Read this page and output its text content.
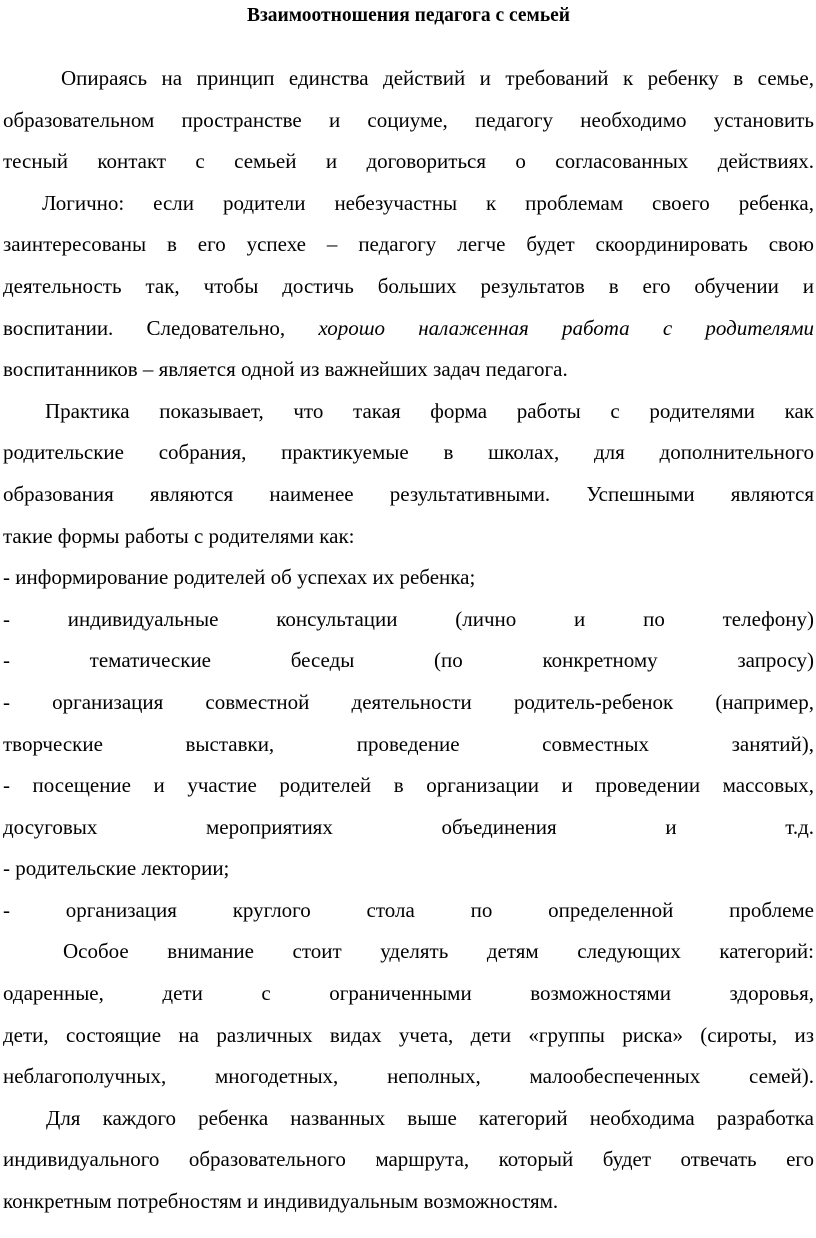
Взаимоотношения педагога с семьей
Опираясь на принцип единства действий и требований к ребенку в семье,
образовательном пространстве и социуме, педагогу необходимо установить
тесный контакт с семьей и договориться о согласованных действиях.
Логично: если родители небезучастны к проблемам своего ребенка,
заинтересованы в его успехе – педагогу легче будет скоординировать свою
деятельность так, чтобы достичь больших результатов в его обучении и
воспитании. Следовательно, хорошо налаженная работа с родителями
воспитанников – является одной из важнейших задач педагога.
Практика показывает, что такая форма работы с родителями как
родительские собрания, практикуемые в школах, для дополнительного
образования являются наименее результативными. Успешными являются
такие формы работы с родителями как:
- информирование родителей об успехах их ребенка;
- индивидуальные консультации (лично и по телефону)
- тематические беседы (по конкретному запросу)
- организация совместной деятельности родитель-ребенок (например,
творческие выставки, проведение совместных занятий),
- посещение и участие родителей в организации и проведении массовых,
досуговых мероприятиях объединения и т.д.
- родительские лектории;
- организация круглого стола по определенной проблеме
Особое внимание стоит уделять детям следующих категорий:
одаренные, дети с ограниченными возможностями здоровья,
дети, состоящие на различных видах учета, дети «группы риска» (сироты, из
неблагополучных, многодетных, неполных, малообеспеченных семей).
Для каждого ребенка названных выше категорий необходима разработка
индивидуального образовательного маршрута, который будет отвечать его
конкретным потребностям и индивидуальным возможностям.
